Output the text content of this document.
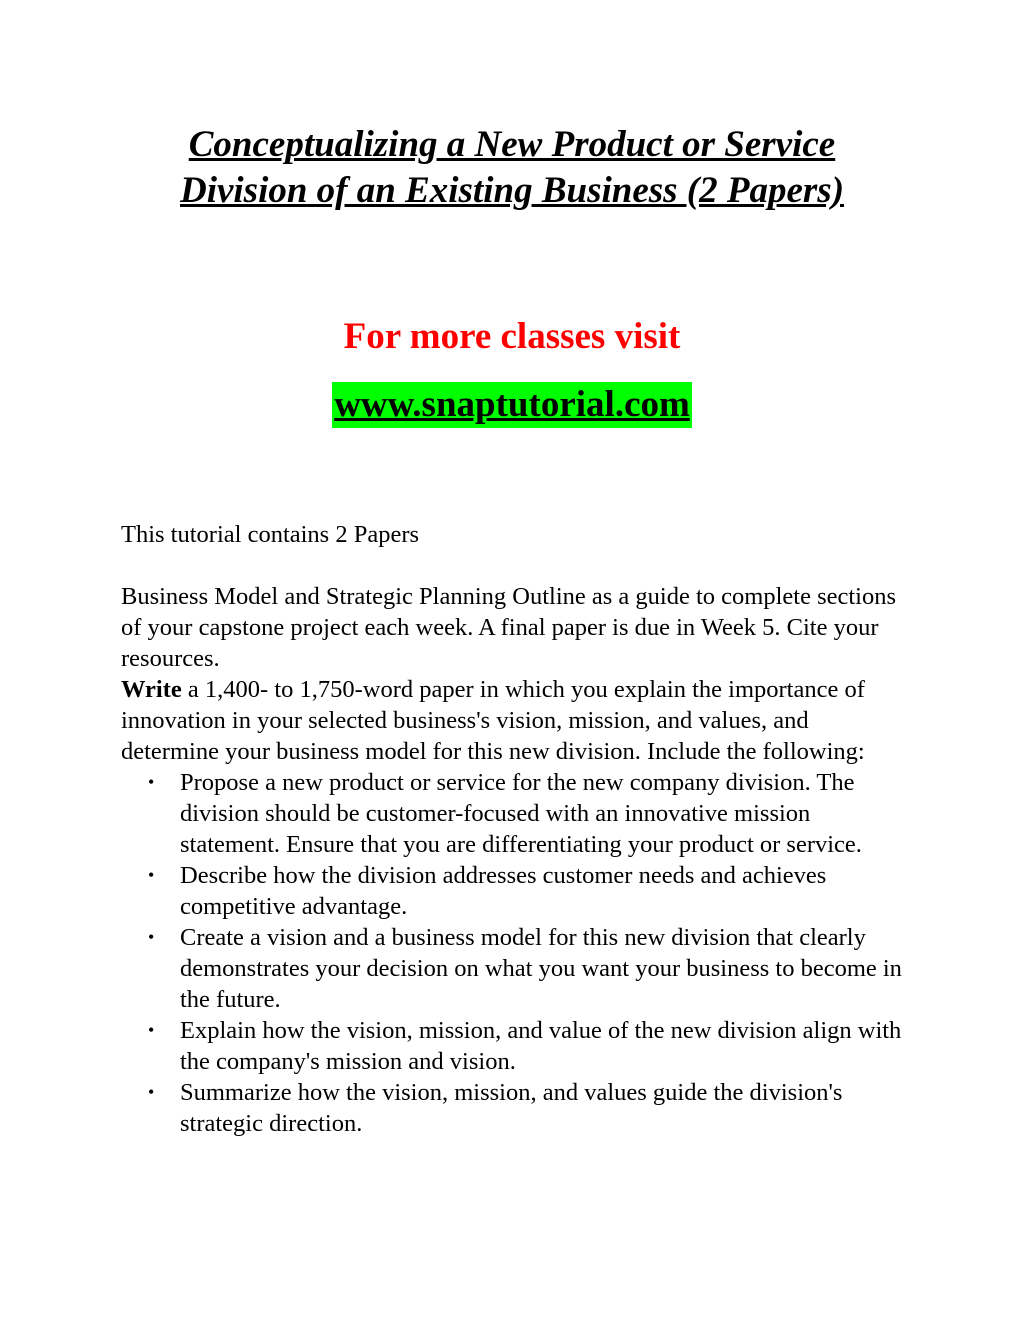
Conceptualizing a New Product or Service
Division of an Existing Business (2 Papers)
For more classes visit
www.snaptutorial.com
This tutorial contains 2 Papers

Business Model and Strategic Planning Outline as a guide to complete sections of your capstone project each week. A final paper is due in Week 5. Cite your resources.

Write a 1,400- to 1,750-word paper in which you explain the importance of innovation in your selected business's vision, mission, and values, and determine your business model for this new division. Include the following:

• Propose a new product or service for the new company division. The division should be customer-focused with an innovative mission statement. Ensure that you are differentiating your product or service.
• Describe how the division addresses customer needs and achieves competitive advantage.
• Create a vision and a business model for this new division that clearly demonstrates your decision on what you want your business to become in the future.
• Explain how the vision, mission, and value of the new division align with the company's mission and vision.
• Summarize how the vision, mission, and values guide the division's strategic direction.
